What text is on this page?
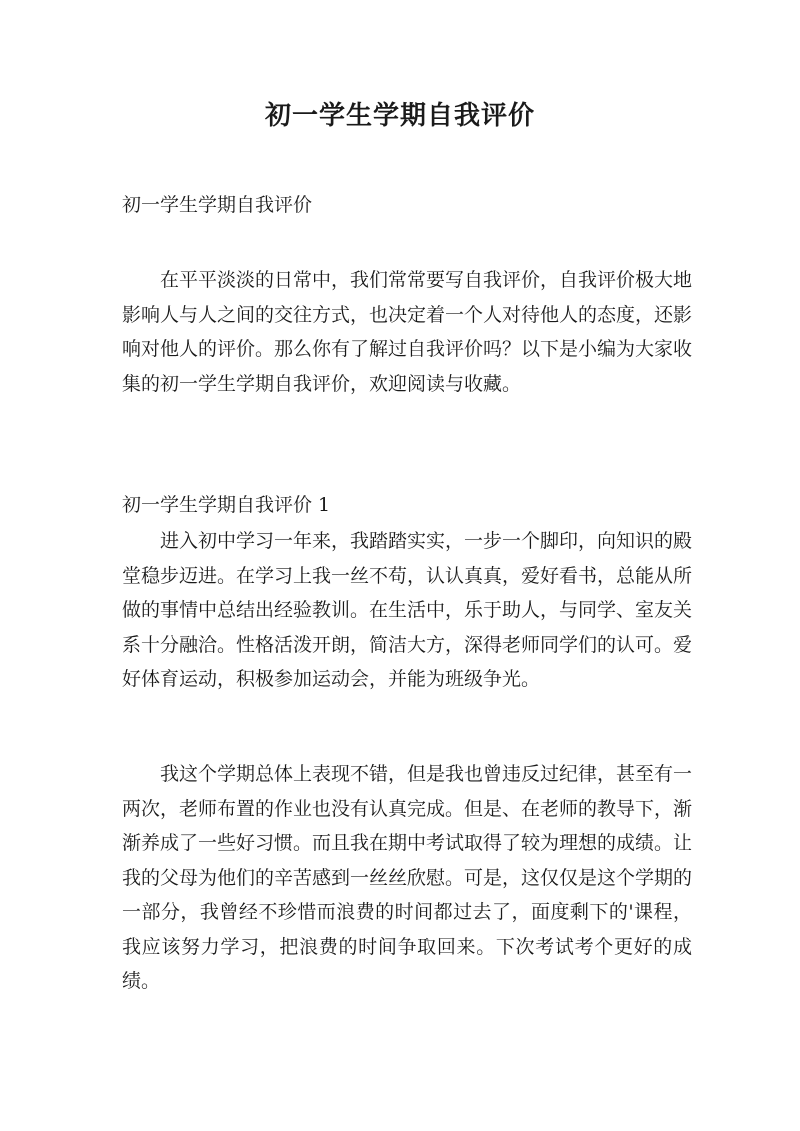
初一学生学期自我评价
初一学生学期自我评价
在平平淡淡的日常中，我们常常要写自我评价，自我评价极大地影响人与人之间的交往方式，也决定着一个人对待他人的态度，还影响对他人的评价。那么你有了解过自我评价吗？以下是小编为大家收集的初一学生学期自我评价，欢迎阅读与收藏。
初一学生学期自我评价 1
进入初中学习一年来，我踏踏实实，一步一个脚印，向知识的殿堂稳步迈进。在学习上我一丝不苟，认认真真，爱好看书，总能从所做的事情中总结出经验教训。在生活中，乐于助人，与同学、室友关系十分融洽。性格活泼开朗，简洁大方，深得老师同学们的认可。爱好体育运动，积极参加运动会，并能为班级争光。
我这个学期总体上表现不错，但是我也曾违反过纪律，甚至有一两次，老师布置的作业也没有认真完成。但是、在老师的教导下，渐渐养成了一些好习惯。而且我在期中考试取得了较为理想的成绩。让我的父母为他们的辛苦感到一丝丝欣慰。可是，这仅仅是这个学期的一部分，我曾经不珍惜而浪费的时间都过去了，面度剩下的'课程，我应该努力学习，把浪费的时间争取回来。下次考试考个更好的成绩。
